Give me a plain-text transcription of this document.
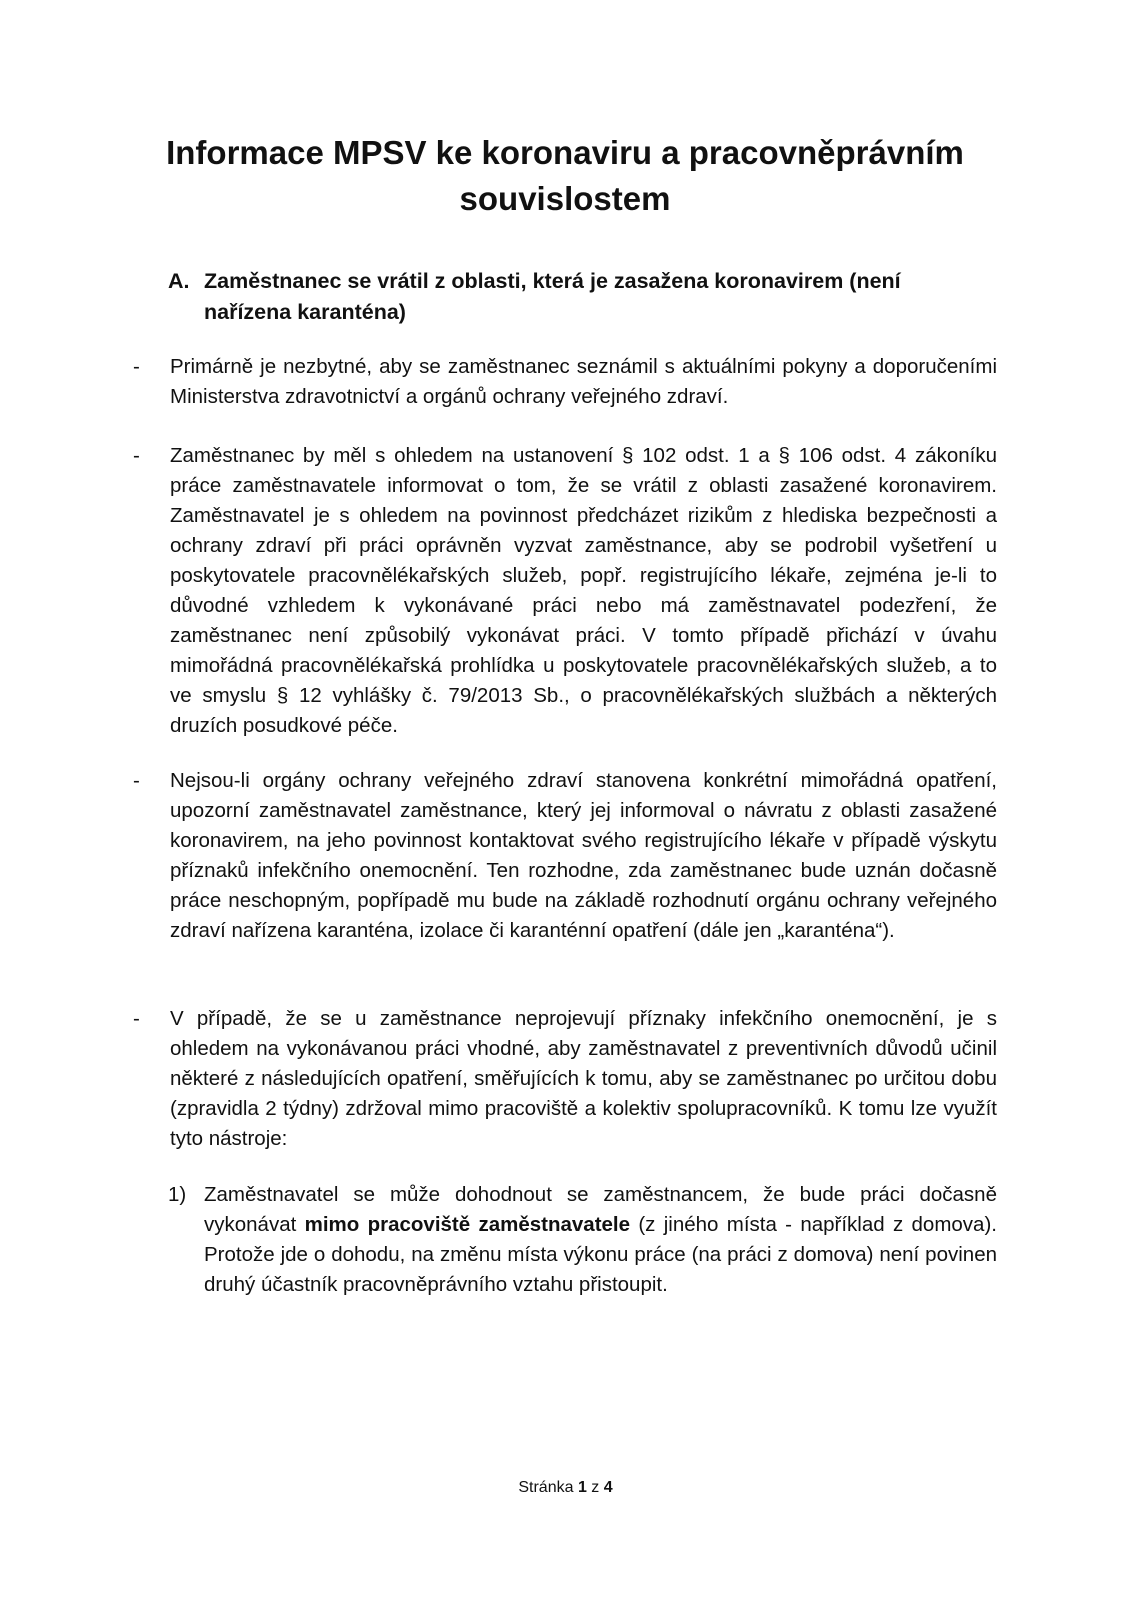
Informace MPSV ke koronaviru a pracovněprávním souvislostem
A. Zaměstnanec se vrátil z oblasti, která je zasažena koronavirem (není nařízena karanténa)
-	Primárně je nezbytné, aby se zaměstnanec seznámil s aktuálními pokyny a doporučeními Ministerstva zdravotnictví a orgánů ochrany veřejného zdraví.

-	Zaměstnanec by měl s ohledem na ustanovení § 102 odst. 1 a § 106 odst. 4 zákoníku práce zaměstnavatele informovat o tom, že se vrátil z oblasti zasažené koronavirem. Zaměstnavatel je s ohledem na povinnost předcházet rizikům z hlediska bezpečnosti a ochrany zdraví při práci oprávněn vyzvat zaměstnance, aby se podrobil vyšetření u poskytovatele pracovnělékařských služeb, popř. registrujícího lékaře, zejména je-li to důvodné vzhledem k vykonávané práci nebo má zaměstnavatel podezření, že zaměstnanec není způsobilý vykonávat práci. V tomto případě přichází v úvahu mimořádná pracovnělékařská prohlídka u poskytovatele pracovnělékařských služeb, a to ve smyslu § 12 vyhlášky č. 79/2013 Sb., o pracovnělékařských službách a některých druzích posudkové péče.

-	Nejsou-li orgány ochrany veřejného zdraví stanovena konkrétní mimořádná opatření, upozorní zaměstnavatel zaměstnance, který jej informoval o návratu z oblasti zasažené koronavirem, na jeho povinnost kontaktovat svého registrujícího lékaře v případě výskytu příznaků infekčního onemocnění. Ten rozhodne, zda zaměstnanec bude uznán dočasně práce neschopným, popřípadě mu bude na základě rozhodnutí orgánu ochrany veřejného zdraví nařízena karanténa, izolace či karanténní opatření (dále jen „karanténa“).

-	V případě, že se u zaměstnance neprojevují příznaky infekčního onemocnění, je s ohledem na vykonávanou práci vhodné, aby zaměstnavatel z preventivních důvodů učinil některé z následujících opatření, směřujících k tomu, aby se zaměstnanec po určitou dobu (zpravidla 2 týdny) zdržoval mimo pracoviště a kolektiv spolupracovníků. K tomu lze využít tyto nástroje:

1) Zaměstnavatel se může dohodnout se zaměstnancem, že bude práci dočasně vykonávat mimo pracoviště zaměstnavatele (z jiného místa - například z domova). Protože jde o dohodu, na změnu místa výkonu práce (na práci z domova) není povinen druhý účastník pracovněprávního vztahu přistoupit.

Stránka 1 z 4
